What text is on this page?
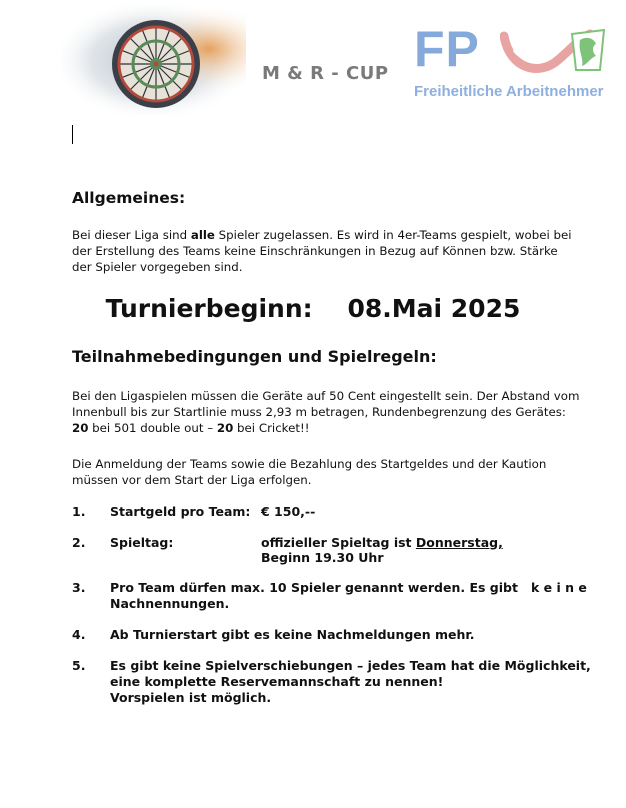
M & R - CUP FP
Freiheitliche Arbeitnehmer
Allgemeines:
Bei dieser Liga sind alle Spieler zugelassen. Es wird in 4er-Teams gespielt, wobei bei
der Erstellung des Teams keine Einschränkungen in Bezug auf Können bzw. Stärke
der Spieler vorgegeben sind.
Turnierbeginn: 08.Mai 2025
Teilnahmebedingungen und Spielregeln:
Bei den Ligaspielen müssen die Geräte auf 50 Cent eingestellt sein. Der Abstand vom
Innenbull bis zur Startlinie muss 2,93 m betragen, Rundenbegrenzung des Gerätes:
20 bei 501 double out – 20 bei Cricket!!
Die Anmeldung der Teams sowie die Bezahlung des Startgeldes und der Kaution
müssen vor dem Start der Liga erfolgen.
1. Startgeld pro Team: € 150,--
2. Spieltag:	offizieller Spieltag ist Donnerstag,
Beginn 19.30 Uhr
3. Pro Team dürfen max. 10 Spieler genannt werden. Es gibt   k e i n e
Nachnennungen.
4. Ab Turnierstart gibt es keine Nachmeldungen mehr.
5. Es gibt keine Spielverschiebungen – jedes Team hat die Möglichkeit,
eine komplette Reservemannschaft zu nennen!
Vorspielen ist möglich.
